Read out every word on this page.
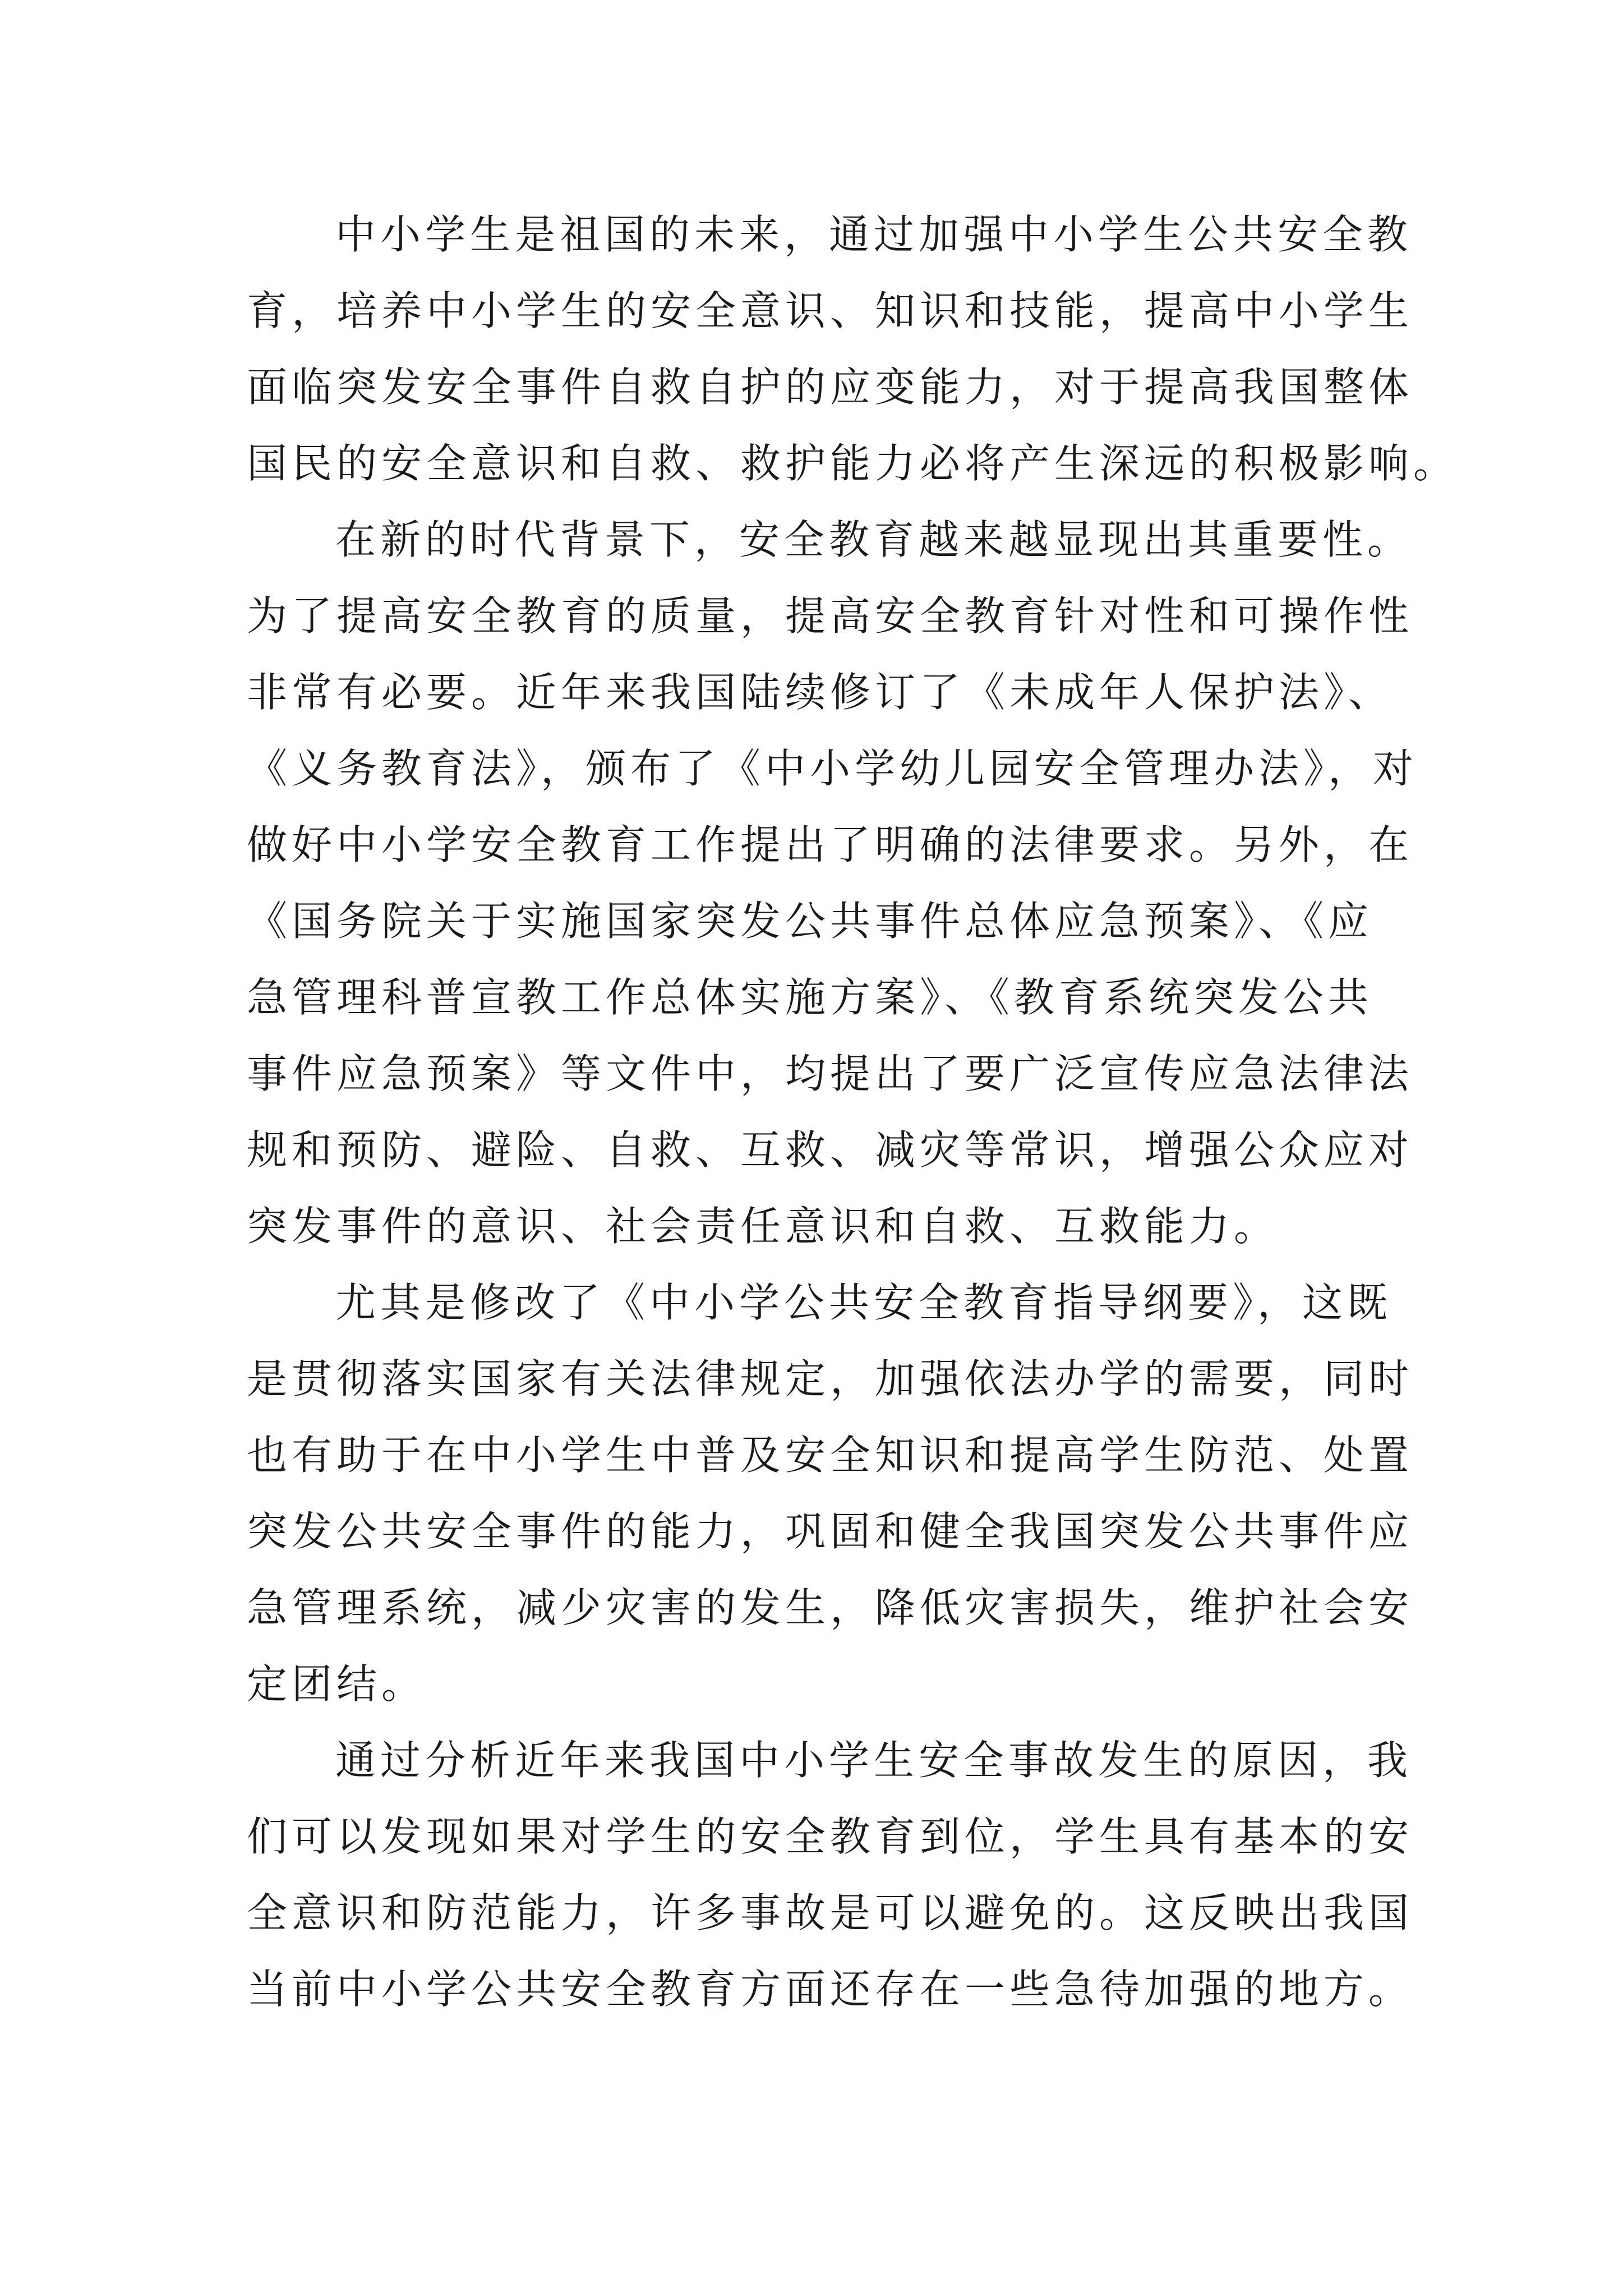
中小学生是祖国的未来，通过加强中小学生公共安全教
育，培养中小学生的安全意识、知识和技能，提高中小学生
面临突发安全事件自救自护的应变能力，对于提高我国整体
国民的安全意识和自救、救护能力必将产生深远的积极影响。
在新的时代背景下，安全教育越来越显现出其重要性。
为了提高安全教育的质量，提高安全教育针对性和可操作性
非常有必要。近年来我国陆续修订了《未成年人保护法》、
《义务教育法》，颁布了《中小学幼儿园安全管理办法》，对
做好中小学安全教育工作提出了明确的法律要求。另外，在
《国务院关于实施国家突发公共事件总体应急预案》、《应
急管理科普宣教工作总体实施方案》、《教育系统突发公共
事件应急预案》等文件中，均提出了要广泛宣传应急法律法
规和预防、避险、自救、互救、减灾等常识，增强公众应对
突发事件的意识、社会责任意识和自救、互救能力。
尤其是修改了《中小学公共安全教育指导纲要》，这既
是贯彻落实国家有关法律规定，加强依法办学的需要，同时
也有助于在中小学生中普及安全知识和提高学生防范、处置
突发公共安全事件的能力，巩固和健全我国突发公共事件应
急管理系统，减少灾害的发生，降低灾害损失，维护社会安
定团结。
通过分析近年来我国中小学生安全事故发生的原因，我
们可以发现如果对学生的安全教育到位，学生具有基本的安
全意识和防范能力，许多事故是可以避免的。这反映出我国
当前中小学公共安全教育方面还存在一些急待加强的地方。
